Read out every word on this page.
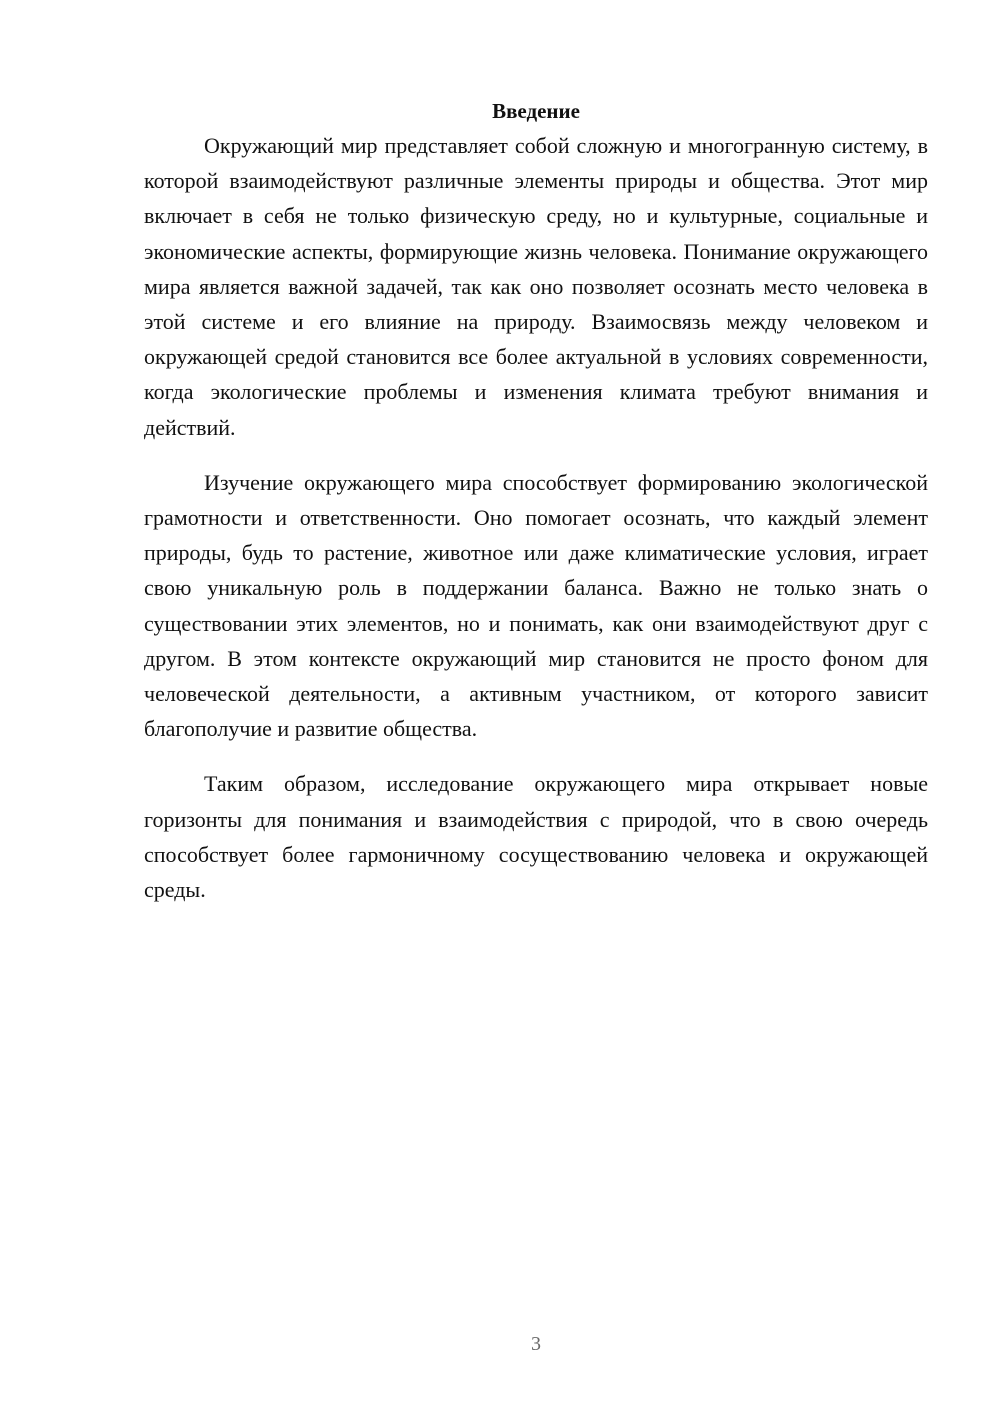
Введение

Окружающий мир представляет собой сложную и многогранную систему, в которой взаимодействуют различные элементы природы и общества. Этот мир включает в себя не только физическую среду, но и культурные, социальные и экономические аспекты, формирующие жизнь человека. Понимание окружающего мира является важной задачей, так как оно позволяет осознать место человека в этой системе и его влияние на природу. Взаимосвязь между человеком и окружающей средой становится все более актуальной в условиях современности, когда экологические проблемы и изменения климата требуют внимания и действий.

Изучение окружающего мира способствует формированию экологической грамотности и ответственности. Оно помогает осознать, что каждый элемент природы, будь то растение, животное или даже климатические условия, играет свою уникальную роль в поддержании баланса. Важно не только знать о существовании этих элементов, но и понимать, как они взаимодействуют друг с другом. В этом контексте окружающий мир становится не просто фоном для человеческой деятельности, а активным участником, от которого зависит благополучие и развитие общества.

Таким образом, исследование окружающего мира открывает новые горизонты для понимания и взаимодействия с природой, что в свою очередь способствует более гармоничному сосуществованию человека и окружающей среды.

3
